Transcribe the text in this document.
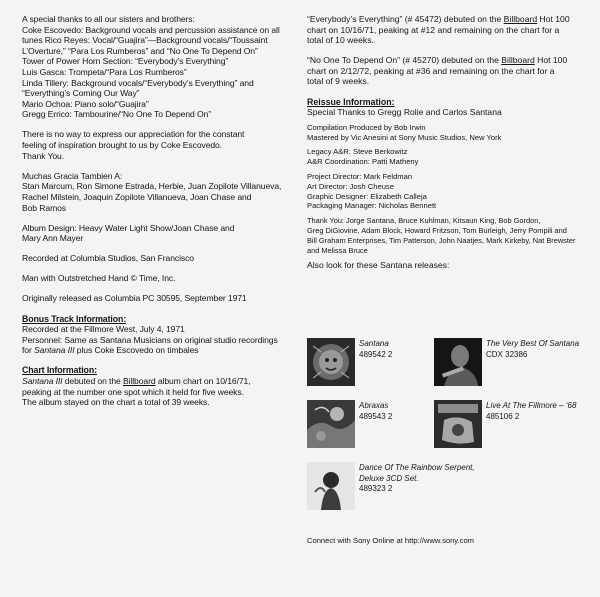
A special thanks to all our sisters and brothers:
Coke Escovedo: Background vocals and percussion assistance on all
tunes Rico Reyes: Vocal/“Guajira”—Background vocals/“Toussaint
L’Overture,” “Para Los Rumberos” and “No One To Depend On”
Tower of Power Horn Section: “Everybody’s Everything”
Luis Gasca: Trompeta/“Para Los Rumberos”
Linda Tillery: Background vocals/“Everybody’s Everything” and
“Everything’s Coming Our Way”
Mario Ochoa: Piano solo/“Guajira”
Gregg Errico: Tambourine/“No One To Depend On”
There is no way to express our appreciation for the constant
feeling of inspiration brought to us by Coke Escovedo.
Thank You.
Muchas Gracia Tambien A:
Stan Marcum, Ron Simone Estrada, Herbie, Juan Zopilote Villanueva,
Rachel Milstein, Joaquin Zopilote Villanueva, Joan Chase and
Bob Ramos
Album Design: Heavy Water Light Show/Joan Chase and
Mary Ann Mayer
Recorded at Columbia Studios, San Francisco
Man with Outstretched Hand © Time, Inc.
Originally released as Columbia PC 30595, September 1971
Bonus Track Information:
Recorded at the Fillmore West, July 4, 1971
Personnel: Same as Santana Musicians on original studio recordings
for Santana III plus Coke Escovedo on timbales
Chart Information:
Santana III debuted on the Billboard album chart on 10/16/71,
peaking at the number one spot which it held for five weeks.
The album stayed on the chart a total of 39 weeks.
“Everybody’s Everything” (# 45472) debuted on the Billboard Hot 100
chart on 10/16/71, peaking at #12 and remaining on the chart for a
total of 10 weeks.
“No One To Depend On” (# 45270) debuted on the Billboard Hot 100
chart on 2/12/72, peaking at #36 and remaining on the chart for a
total of 9 weeks.
Reissue Information:
Special Thanks to Gregg Rolie and Carlos Santana
Compilation Produced by Bob Irwin
Mastered by Vic Anesini at Sony Music Studios, New York
Legacy A&R: Steve Berkowitz
A&R Coordination: Patti Matheny
Project Director: Mark Feldman
Art Director: Josh Cheuse
Graphic Designer: Elizabeth Calleja
Packaging Manager: Nicholas Bennett
Thank You: Jorge Santana, Bruce Kuhlman, Kitsaun King, Bob Gordon,
Greg DiGiovine, Adam Block, Howard Fritzson, Tom Burleigh, Jerry Pompili and
Bill Graham Enterprises, Tim Patterson, John Naatjes, Mark Kirkeby, Nat Brewster
and Melissa Bruce
Also look for these Santana releases:
Santana
489542 2
The Very Best Of Santana
CDX 32386
Abraxas
489543 2
Live At The Fillmore – ‘68
485106 2
Dance Of The Rainbow Serpent,
Deluxe 3CD Set.
489323 2
Connect with Sony Online at http://www.sony.com
